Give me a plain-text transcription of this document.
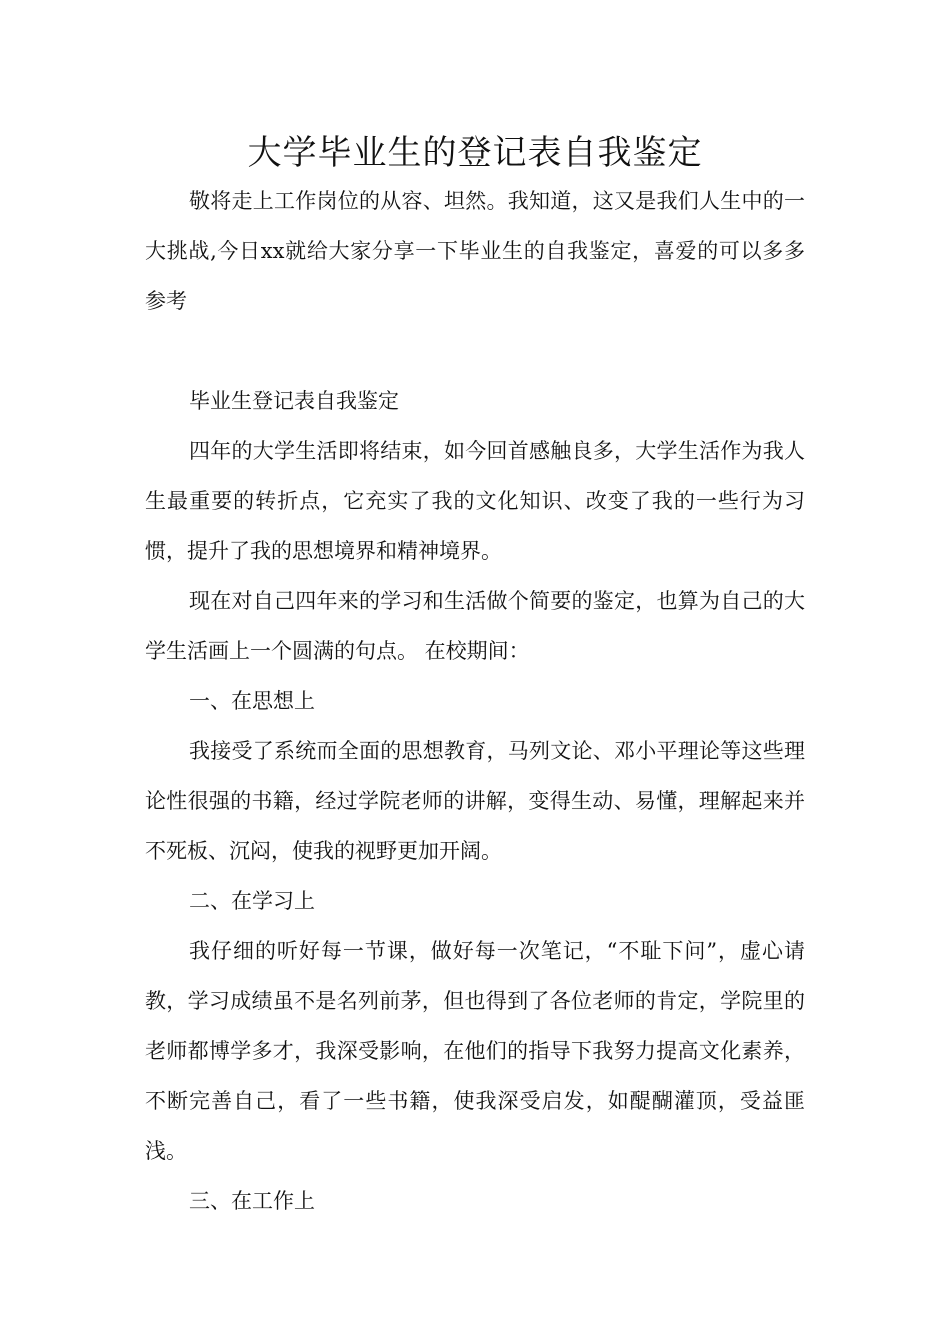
大学毕业生的登记表自我鉴定

敬将走上工作岗位的从容、坦然。我知道，这又是我们人生中的一大挑战,今日xx就给大家分享一下毕业生的自我鉴定，喜爱的可以多多参考

毕业生登记表自我鉴定

四年的大学生活即将结束，如今回首感触良多，大学生活作为我人生最重要的转折点，它充实了我的文化知识、改变了我的一些行为习惯，提升了我的思想境界和精神境界。

现在对自己四年来的学习和生活做个简要的鉴定，也算为自己的大学生活画上一个圆满的句点。 在校期间：

一、在思想上

我接受了系统而全面的思想教育，马列文论、邓小平理论等这些理论性很强的书籍，经过学院老师的讲解，变得生动、易懂，理解起来并不死板、沉闷，使我的视野更加开阔。

二、在学习上

我仔细的听好每一节课，做好每一次笔记，“不耻下问”，虚心请教，学习成绩虽不是名列前茅，但也得到了各位老师的肯定，学院里的老师都博学多才，我深受影响，在他们的指导下我努力提高文化素养，不断完善自己，看了一些书籍，使我深受启发，如醍醐灌顶，受益匪浅。

三、在工作上
